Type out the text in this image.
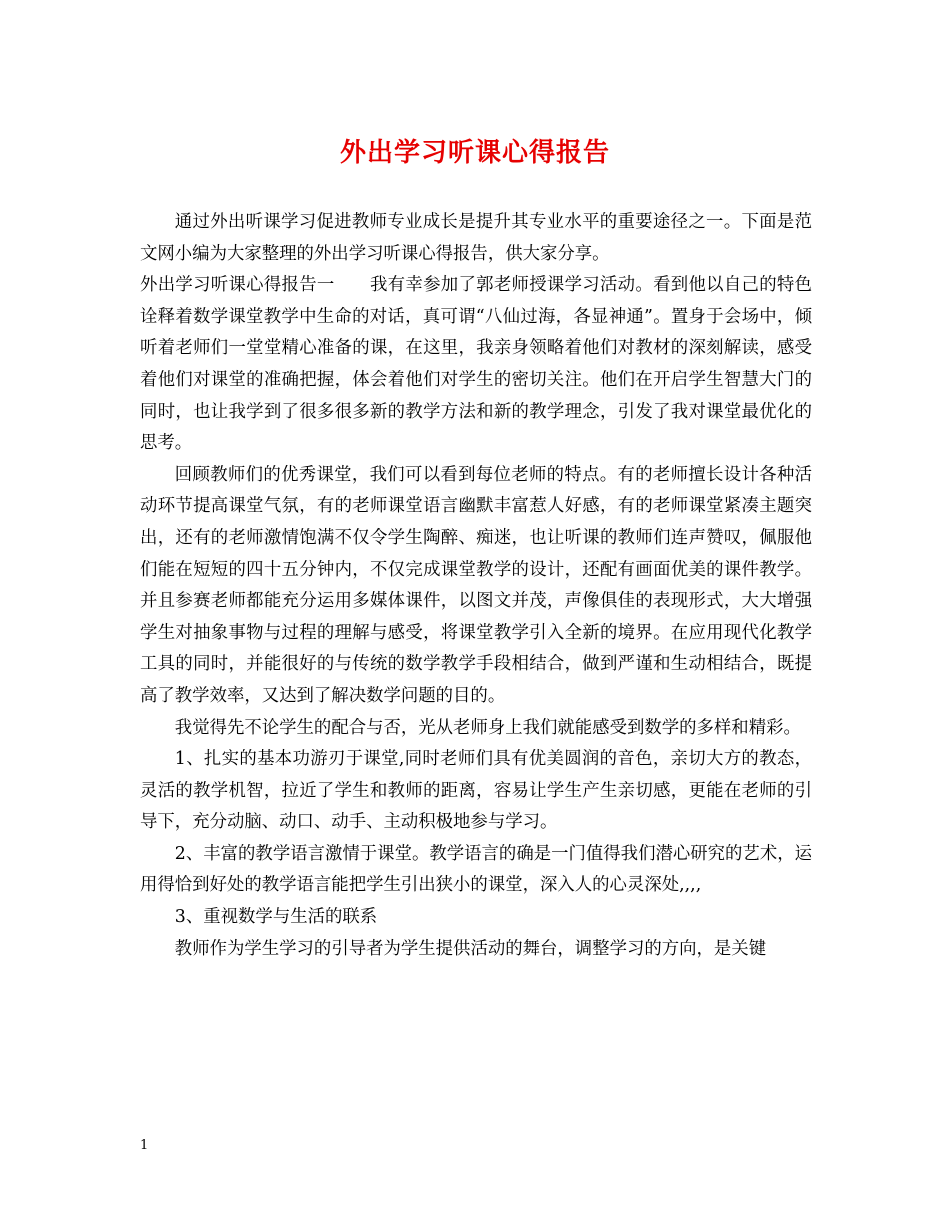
外出学习听课心得报告

通过外出听课学习促进教师专业成长是提升其专业水平的重要途径之一。下面是范文网小编为大家整理的外出学习听课心得报告，供大家分享。

外出学习听课心得报告一　　我有幸参加了郭老师授课学习活动。看到他以自己的特色诠释着数学课堂教学中生命的对话，真可谓“八仙过海，各显神通”。置身于会场中，倾听着老师们一堂堂精心准备的课，在这里，我亲身领略着他们对教材的深刻解读，感受着他们对课堂的准确把握，体会着他们对学生的密切关注。他们在开启学生智慧大门的同时，也让我学到了很多很多新的教学方法和新的教学理念，引发了我对课堂最优化的思考。

回顾教师们的优秀课堂，我们可以看到每位老师的特点。有的老师擅长设计各种活动环节提高课堂气氛，有的老师课堂语言幽默丰富惹人好感，有的老师课堂紧凑主题突出，还有的老师激情饱满不仅令学生陶醉、痴迷，也让听课的教师们连声赞叹，佩服他们能在短短的四十五分钟内，不仅完成课堂教学的设计，还配有画面优美的课件教学。并且参赛老师都能充分运用多媒体课件，以图文并茂，声像俱佳的表现形式，大大增强学生对抽象事物与过程的理解与感受，将课堂教学引入全新的境界。在应用现代化教学工具的同时，并能很好的与传统的数学教学手段相结合，做到严谨和生动相结合，既提高了教学效率，又达到了解决数学问题的目的。

我觉得先不论学生的配合与否，光从老师身上我们就能感受到数学的多样和精彩。

1、扎实的基本功游刃于课堂,同时老师们具有优美圆润的音色，亲切大方的教态，灵活的教学机智，拉近了学生和教师的距离，容易让学生产生亲切感，更能在老师的引导下，充分动脑、动口、动手、主动积极地参与学习。

2、丰富的教学语言激情于课堂。教学语言的确是一门值得我们潜心研究的艺术，运用得恰到好处的教学语言能把学生引出狭小的课堂，深入人的心灵深处,,,,

3、重视数学与生活的联系

教师作为学生学习的引导者为学生提供活动的舞台，调整学习的方向，是关键

1
